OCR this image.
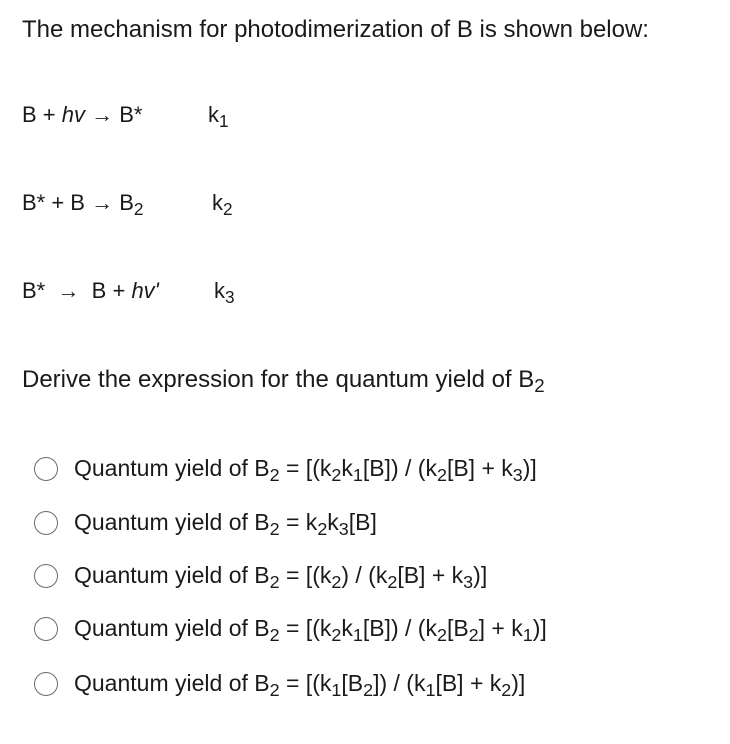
The mechanism for photodimerization of B is shown below:
B + hv → B*	$k_1$
$B* + B \to B_2$	$k_2$
B*  →  B + hv'	$k_3$
Derive the expression for the quantum yield of $B_2$
Quantum yield of $B_2 = [(k_2k_1[B]) / (k_2[B] + k_3)]$
Quantum yield of $B_2 = k_2k_3[B]$
Quantum yield of $B_2 = [(k_2) / (k_2[B] + k_3)]$
Quantum yield of $B_2 = [(k_2k_1[B]) / (k_2[B_2] + k_1)]$
Quantum yield of $B_2 = [(k_1[B_2]) / (k_1[B] + k_2)]$
